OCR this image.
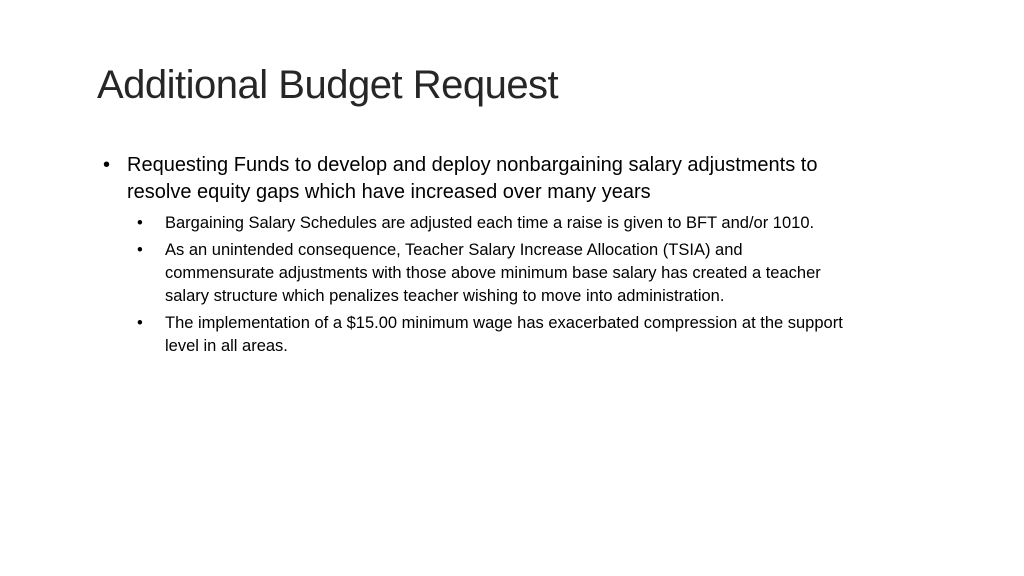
Additional Budget Request
• Requesting Funds to develop and deploy nonbargaining salary adjustments to resolve equity gaps which have increased over many years
• Bargaining Salary Schedules are adjusted each time a raise is given to BFT and/or 1010.
• As an unintended consequence, Teacher Salary Increase Allocation (TSIA) and commensurate adjustments with those above minimum base salary has created a teacher salary structure which penalizes teacher wishing to move into administration.
• The implementation of a $15.00 minimum wage has exacerbated compression at the support level in all areas.
